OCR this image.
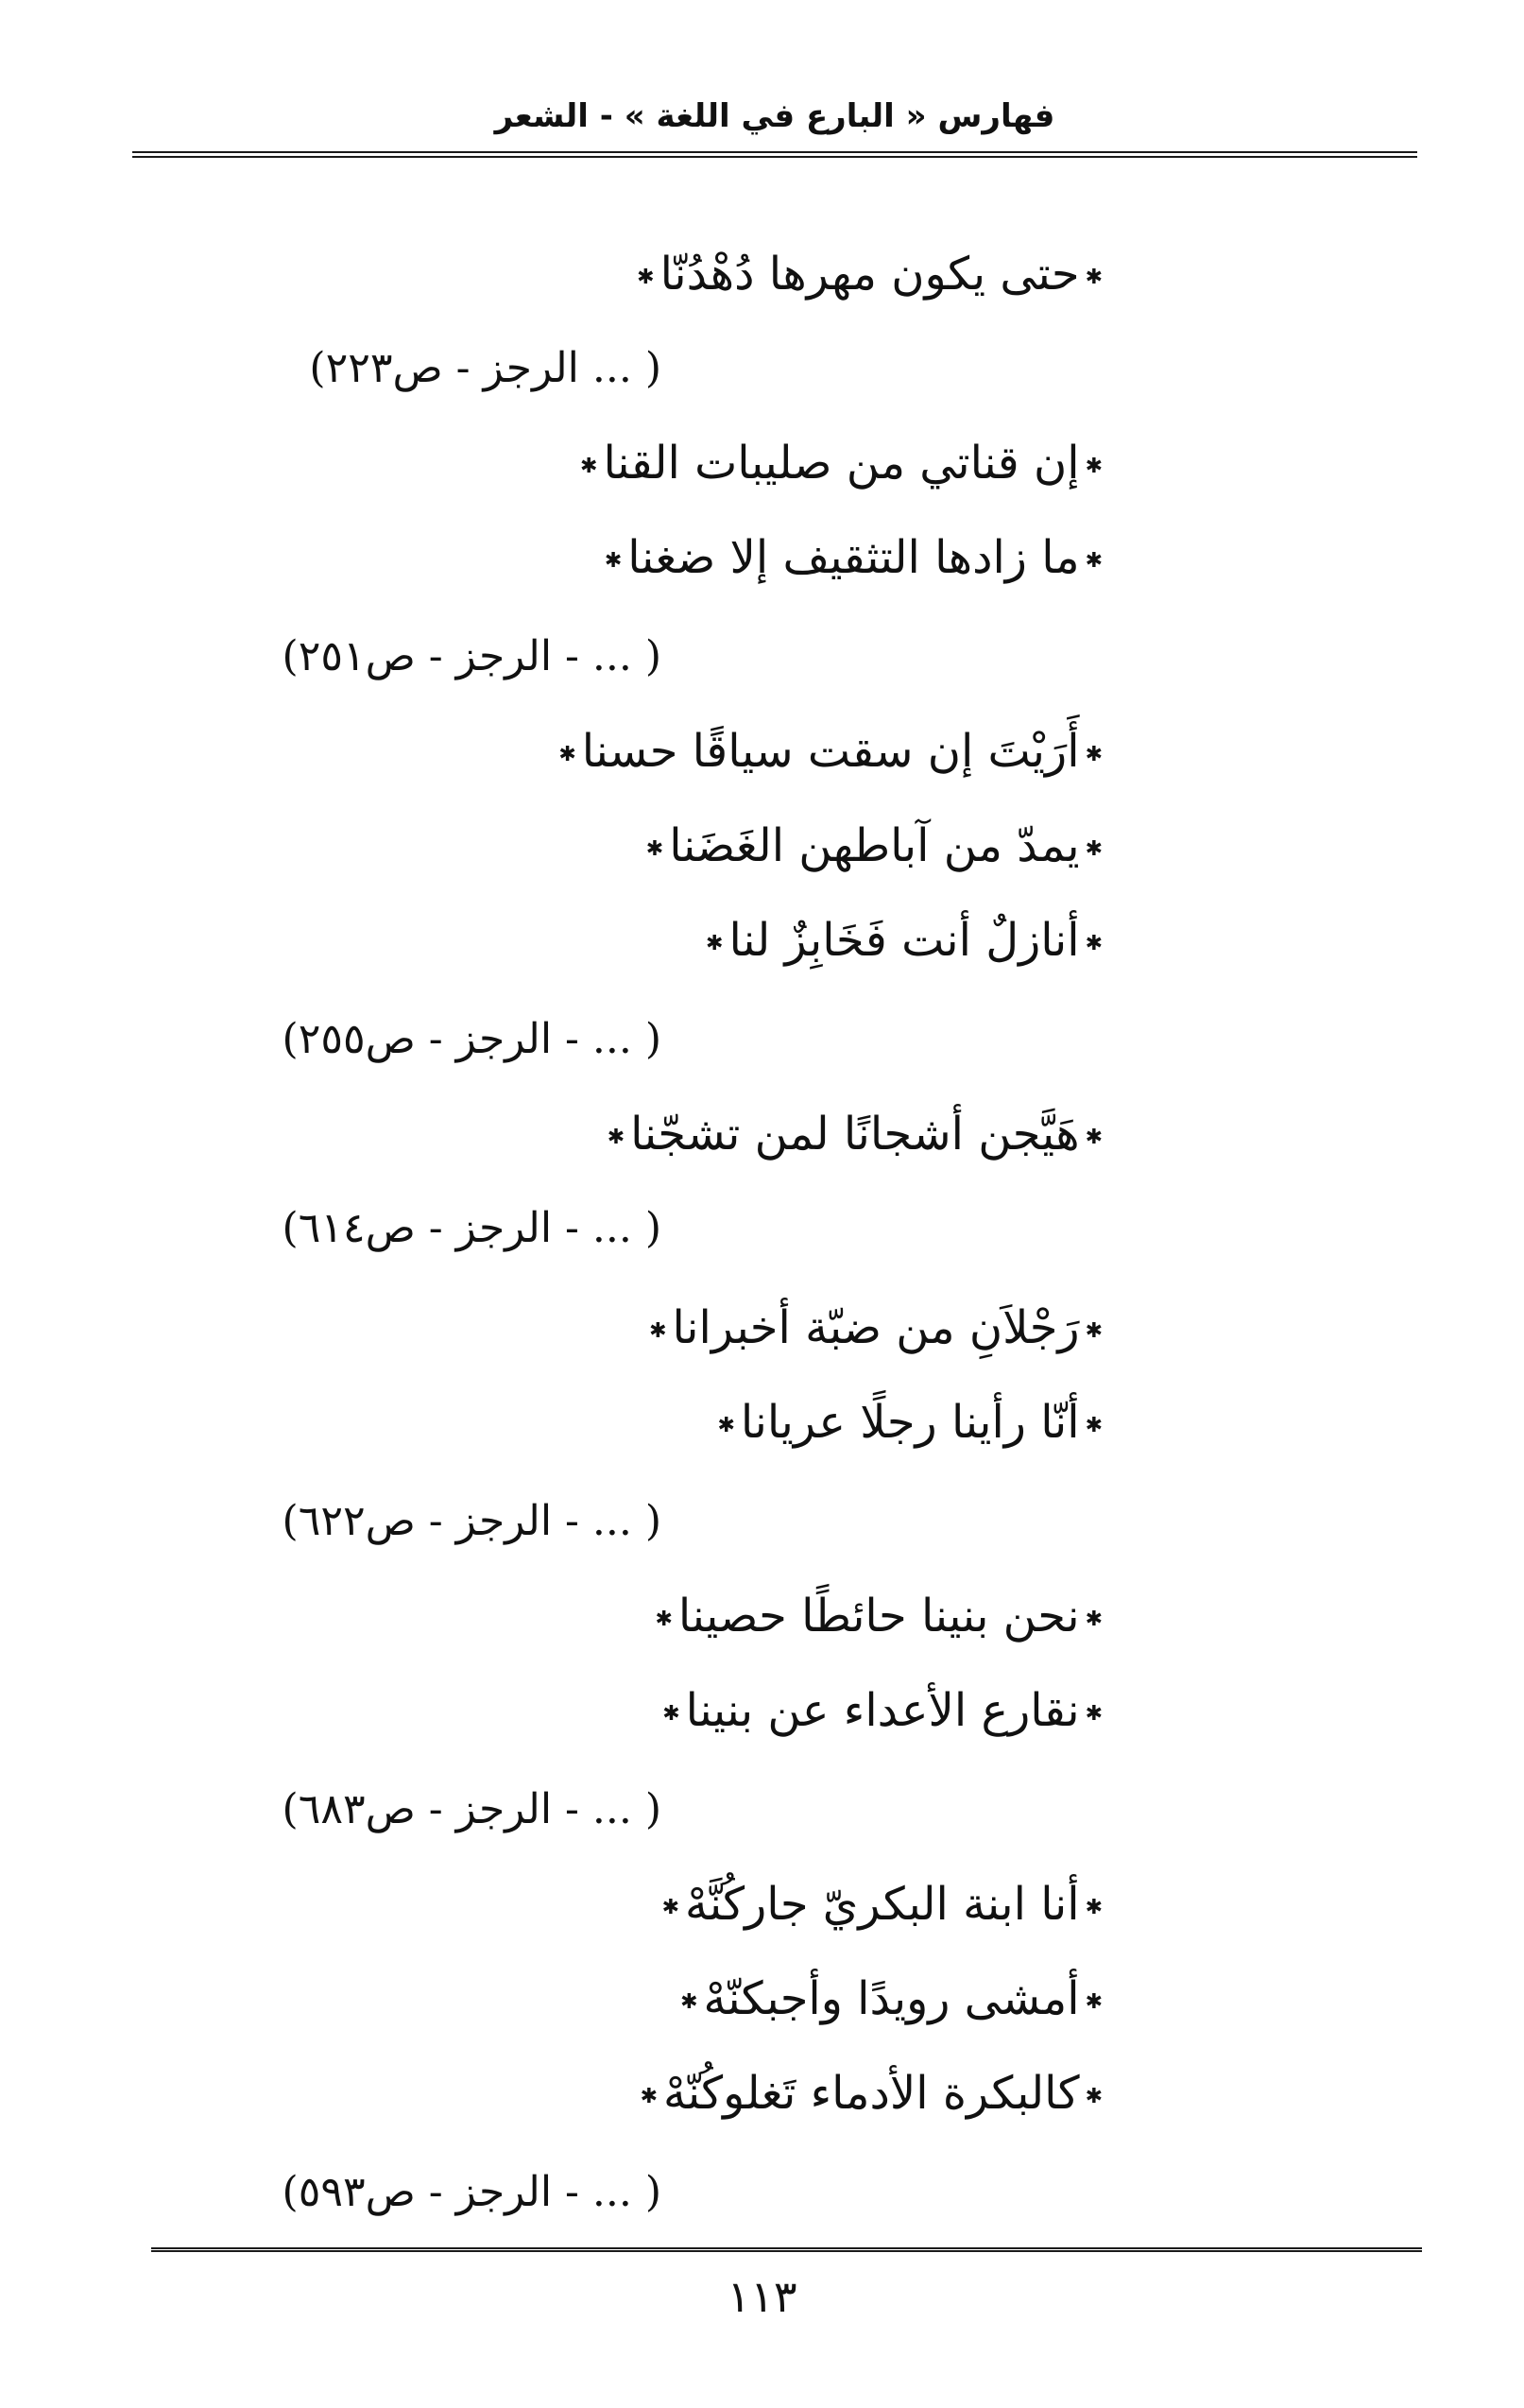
فهارس « البارع في اللغة » - الشعر
✱حتى يكون مهرها دُهْدُنّا✱
( ... الرجز - ص٢٢٣)
✱إن قناتي من صليبات القنا✱
✱ما زادها التثقيف إلا ضغنا✱
( ... - الرجز - ص٢٥١)
✱أَرَيْتَ إن سقت سياقًا حسنا✱
✱يمدّ من آباطهن الغَضَنا✱
✱أنازلٌ أنت فَخَابِزٌ لنا✱
( ... - الرجز - ص٢٥٥)
✱هَيَّجن أشجانًا لمن تشجّنا✱
( ... - الرجز - ص٦١٤)
✱رَجْلاَنِ من ضبّة أخبرانا✱
✱أنّا رأينا رجلًا عريانا✱
( ... - الرجز - ص٦٢٢)
✱نحن بنينا حائطًا حصينا✱
✱نقارع الأعداء عن بنينا✱
( ... - الرجز - ص٦٨٣)
✱أنا ابنة البكريّ جاركُنَّهْ✱
✱أمشى رويدًا وأجبكنّهْ✱
✱كالبكرة الأدماء تَغلوكُنّهْ✱
( ... - الرجز - ص٥٩٣)
١١٣
